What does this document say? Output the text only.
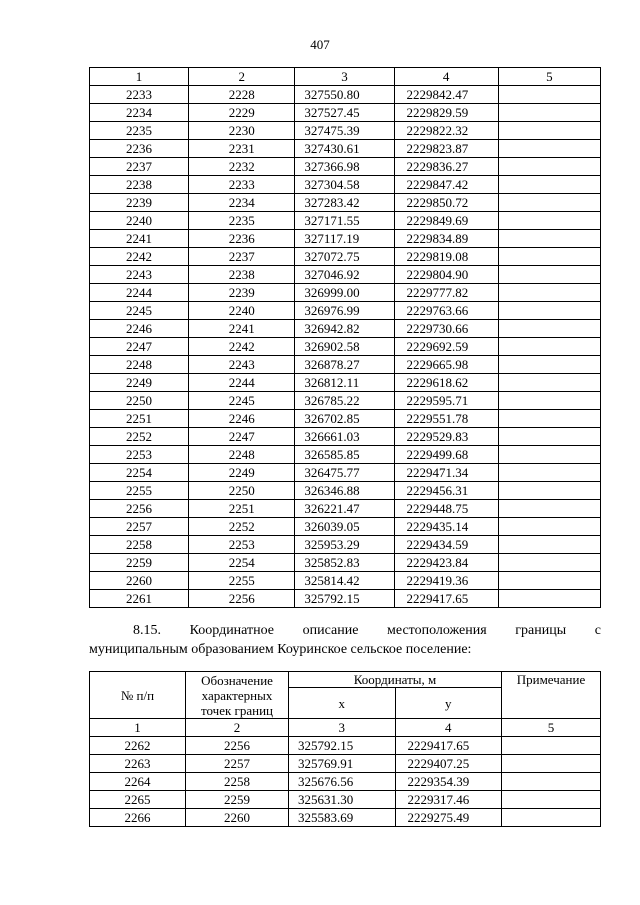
407
1	2	3	4	5
2233	2228	327550.80	2229842.47	
2234	2229	327527.45	2229829.59	
2235	2230	327475.39	2229822.32	
2236	2231	327430.61	2229823.87	
2237	2232	327366.98	2229836.27	
2238	2233	327304.58	2229847.42	
2239	2234	327283.42	2229850.72	
2240	2235	327171.55	2229849.69	
2241	2236	327117.19	2229834.89	
2242	2237	327072.75	2229819.08	
2243	2238	327046.92	2229804.90	
2244	2239	326999.00	2229777.82	
2245	2240	326976.99	2229763.66	
2246	2241	326942.82	2229730.66	
2247	2242	326902.58	2229692.59	
2248	2243	326878.27	2229665.98	
2249	2244	326812.11	2229618.62	
2250	2245	326785.22	2229595.71	
2251	2246	326702.85	2229551.78	
2252	2247	326661.03	2229529.83	
2253	2248	326585.85	2229499.68	
2254	2249	326475.77	2229471.34	
2255	2250	326346.88	2229456.31	
2256	2251	326221.47	2229448.75	
2257	2252	326039.05	2229435.14	
2258	2253	325953.29	2229434.59	
2259	2254	325852.83	2229423.84	
2260	2255	325814.42	2229419.36	
2261	2256	325792.15	2229417.65	
8.15. Координатное описание местоположения границы с
муниципальным образованием Коуринское сельское поселение:
№ п/п	Обозначение характерных точек границ	Координаты, м		Примечание
		х	у	
1	2	3	4	5
2262	2256	325792.15	2229417.65	
2263	2257	325769.91	2229407.25	
2264	2258	325676.56	2229354.39	
2265	2259	325631.30	2229317.46	
2266	2260	325583.69	2229275.49	
